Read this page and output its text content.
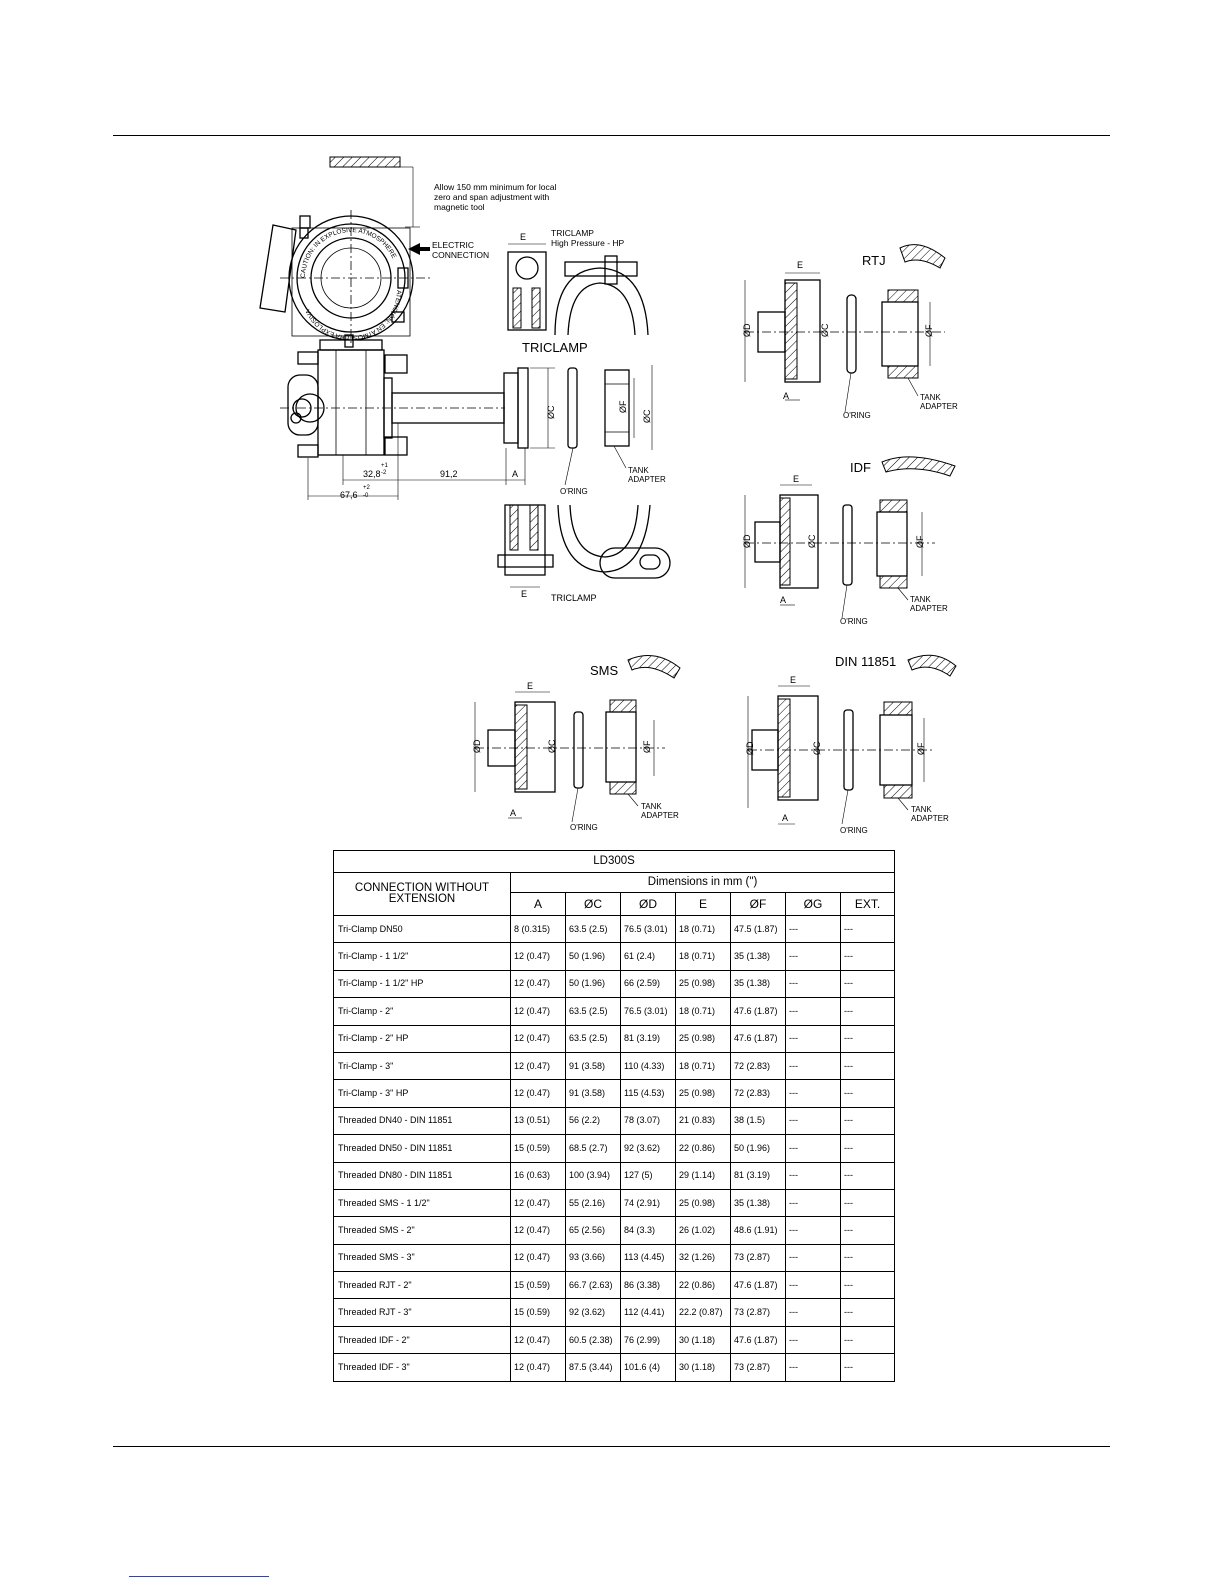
Allow 150 mm minimum for local
zero and span adjustment with
magnetic tool
CAUTION: IN EXPLOSIVE ATMOSPHERE
ATENCIÓN: EN ATMÓSFERA EXPLOSIVA
ELECTRIC
CONNECTION
32,8
+1
-2	91,2	A
67,6
+2
-0
TRICLAMP
ØC
O'RING
ØF
ØC
TANK
ADAPTER
TRICLAMP
High Pressure - HP
E
E	TRICLAMP
RTJ
E
ØD	ØC
A
O'RING
ØF
TANK
ADAPTER
IDF
E
ØD	ØC
A
O'RING
ØF
TANK
ADAPTER
SMS
E
ØD	ØC
A
O'RING
ØF
TANK
ADAPTER
DIN 11851
E
ØD	ØC
A
O'RING
ØF
TANK
ADAPTER
LD300S							
CONNECTION WITHOUT EXTENSION	Dimensions in mm (")						
	A	ØC	ØD	E	ØF	ØG	EXT.
Tri-Clamp DN50	8 (0.315)	63.5 (2.5)	76.5 (3.01)	18 (0.71)	47.5 (1.87)	---	---
Tri-Clamp - 1 1/2"	12 (0.47)	50 (1.96)	61 (2.4)	18 (0.71)	35 (1.38)	---	---
Tri-Clamp - 1 1/2" HP	12 (0.47)	50 (1.96)	66 (2.59)	25 (0.98)	35 (1.38)	---	---
Tri-Clamp - 2"	12 (0.47)	63.5 (2.5)	76.5 (3.01)	18 (0.71)	47.6 (1.87)	---	---
Tri-Clamp - 2" HP	12 (0.47)	63.5 (2.5)	81 (3.19)	25 (0.98)	47.6 (1.87)	---	---
Tri-Clamp - 3"	12 (0.47)	91 (3.58)	110 (4.33)	18 (0.71)	72 (2.83)	---	---
Tri-Clamp - 3" HP	12 (0.47)	91 (3.58)	115 (4.53)	25 (0.98)	72 (2.83)	---	---
Threaded DN40 - DIN 11851	13 (0.51)	56 (2.2)	78 (3.07)	21 (0.83)	38 (1.5)	---	---
Threaded DN50 - DIN 11851	15 (0.59)	68.5 (2.7)	92 (3.62)	22 (0.86)	50 (1.96)	---	---
Threaded DN80 - DIN 11851	16 (0.63)	100 (3.94)	127 (5)	29 (1.14)	81 (3.19)	---	---
Threaded SMS - 1 1/2"	12 (0.47)	55 (2.16)	74 (2.91)	25 (0.98)	35 (1.38)	---	---
Threaded SMS - 2"	12 (0.47)	65 (2.56)	84 (3.3)	26 (1.02)	48.6 (1.91)	---	---
Threaded SMS - 3"	12 (0.47)	93 (3.66)	113 (4.45)	32 (1.26)	73 (2.87)	---	---
Threaded RJT - 2"	15 (0.59)	66.7 (2.63)	86 (3.38)	22 (0.86)	47.6 (1.87)	---	---
Threaded RJT - 3"	15 (0.59)	92 (3.62)	112 (4.41)	22.2 (0.87)	73 (2.87)	---	---
Threaded IDF - 2"	12 (0.47)	60.5 (2.38)	76 (2.99)	30 (1.18)	47.6 (1.87)	---	---
Threaded IDF - 3"	12 (0.47)	87.5 (3.44)	101.6 (4)	30 (1.18)	73 (2.87)	---	---
